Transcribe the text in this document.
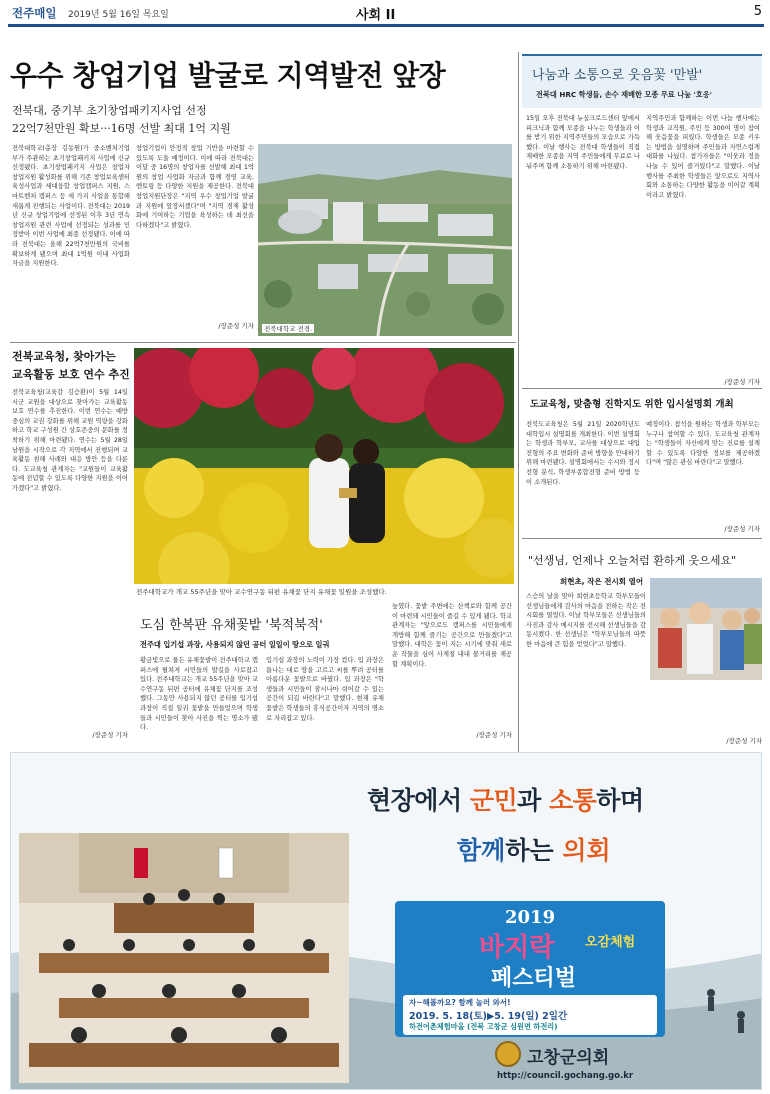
전주매일 2019년 5월 16일 목요일	사회 II	5
우수 창업기업 발굴로 지역발전 앞장
전북대, 중기부 초기창업패키지사업 선정
22억7천만원 확보···16명 선발 최대 1억 지원
전북대학교(총장 김동원)가 중소벤처기업부가 주관하는 초기창업패키지 사업에 신규 선정됐다. 초기창업패키지 사업은 창업자 창업지원 활성화를 위해 기존 창업보육센터 육성사업과 세대융합 창업캠퍼스 지원, 스마트벤처 캠퍼스 등 세 가지 사업을 통합해 새롭게 진행되는 사업이다. 전북대는 2019년 신규 창업기업에 선정된 이후 3년 연속 창업지원 관련 사업에 선정되는 성과를 인정받아 이번 사업에 최종 선정됐다. 이에 따라 전북대는 올해 22억7천만원의 국비를 확보하게 됐으며 최대 1억원 이내 사업화 자금을 지원한다.
창업기업이 안정적 창업 기반을 마련할 수 있도록 도울 예정이다. 이에 따라 전북대는 이달 중 16명의 창업자를 선발해 최대 1억 원의 창업 사업화 자금과 함께 경영 교육, 멘토링 등 다양한 지원을 제공한다. 전북대 창업지원단장은 "지역 우수 창업기업 발굴과 지원에 앞장서겠다"며 "지역 경제 활성화에 기여하는 기업을 육성하는 데 최선을 다하겠다"고 밝혔다.
/장준성 기자	전북대학교 전경.
나눔과 소통으로 웃음꽃 '만발'
전북대 HRC 학생들, 손수 재배한 모종 무료 나눔 '호응'
15일 오후 전북대 뉴실크로드센터 앞에서 피크닉과 함께 모종을 나누는 학생들과 이를 받기 위한 지역주민들의 모습으로 가득했다. 이날 행사는 전북대 학생들이 직접 재배한 모종을 지역 주민들에게 무료로 나눠주며 함께 소통하기 위해 마련됐다.
지역주민과 함께하는 이번 나눔 행사에는 학생과 교직원, 주민 등 300여 명이 참여해 웃음꽃을 피웠다. 학생들은 모종 키우는 방법을 설명하며 주민들과 자연스럽게 대화를 나눴다. 참가자들은 "이웃과 정을 나눌 수 있어 즐거웠다"고 말했다. 이날 행사를 주최한 학생들은 앞으로도 지역사회와 소통하는 다양한 활동을 이어갈 계획이라고 밝혔다.
/장준성 기자
전북교육청, 찾아가는
교육활동 보호 연수 추진
전북교육청(교육감 김승환)이 5월 14일 시군 교원을 대상으로 찾아가는 교육활동 보호 연수를 추진한다. 이번 연수는 예방 중심의 교권 강화를 위해 교원 역량을 강화하고 학교 구성원 간 상호존중의 문화를 정착하기 위해 마련됐다. 연수는 5월 28일 남원을 시작으로 각 지역에서 진행되며 교육활동 침해 사례와 대응 방안 등을 다룬다. 도교육청 관계자는 "교원들이 교육활동에 전념할 수 있도록 다양한 지원을 이어가겠다"고 밝혔다.
/장준성 기자
전주대학교가 개교 55주년을 맞아 교수연구동 뒤편 유채꽃 단지 유채꽃 일원을 조성했다.
도심 한복판 유채꽃밭 '북적북적'
전주대 입기섭 과장, 사용되지 않던 공터 일일이 땅으로 일궈
황금빛으로 물든 유채꽃밭이 전주대학교 캠퍼스에 펼쳐져 시민들의 발길을 사로잡고 있다. 전주대학교는 개교 55주년을 맞아 교수연구동 뒤편 공터에 유채꽃 단지를 조성했다. 그동안 사용되지 않던 공터를 입기섭 과장이 직접 일궈 꽃밭을 만들었으며 학생들과 시민들이 찾아 사진을 찍는 명소가 됐다.
입기섭 과장의 노력이 가장 컸다. 입 과장은 틈나는 대로 땅을 고르고 씨를 뿌려 공터를 아름다운 꽃밭으로 바꿨다. 입 과장은 "학생들과 시민들이 잠시나마 쉬어갈 수 있는 공간이 되길 바란다"고 말했다. 현재 유채꽃밭은 학생들의 휴식공간이자 지역의 명소로 자리잡고 있다.
높였다. 꽃밭 주변에는 산책로와 함께 공간이 마련돼 시민들이 즐길 수 있게 됐다. 학교 관계자는 "앞으로도 캠퍼스를 시민들에게 개방해 함께 즐기는 공간으로 만들겠다"고 말했다. 대학은 꽃이 지는 시기에 맞춰 새로운 작물을 심어 사계절 내내 볼거리를 제공할 계획이다.
/장준성 기자
도교육청, 맞춤형 진학지도 위한 입시설명회 개최
전북도교육청은 5월 21일 2020학년도 대학입시 설명회를 개최한다. 이번 설명회는 학생과 학부모, 교사를 대상으로 대입 전형의 주요 변화와 준비 방향을 안내하기 위해 마련됐다. 설명회에서는 수시와 정시 전형 분석, 학생부종합전형 준비 방법 등이 소개된다.
예정이다. 참석을 원하는 학생과 학부모는 누구나 참여할 수 있다. 도교육청 관계자는 "학생들이 자신에게 맞는 진로를 설계할 수 있도록 다양한 정보를 제공하겠다"며 "많은 관심 바란다"고 말했다.
/장준성 기자
"선생님, 언제나 오늘처럼 환하게 웃으세요"
희현초, 작은 전시회 열어
스승의 날을 맞아 희현초등학교 학부모들이 선생님들에게 감사의 마음을 전하는 작은 전시회를 열었다. 이날 학부모들은 선생님들의 사진과 감사 메시지를 전시해 선생님들을 감동시켰다. 한 선생님은 "학부모님들의 따뜻한 마음에 큰 힘을 얻었다"고 말했다.
/장준성 기자
현장에서 군민과 소통하며
함께하는 의회
2019
바지락 오감체험
페스티벌
자~해볼까요? 함께 놀러 와서!
2019. 5. 18(토)▶5. 19(일) 2일간
하전어촌체험마을 (전북 고창군 심원면 하전리)
고창군의회
http://council.gochang.go.kr
